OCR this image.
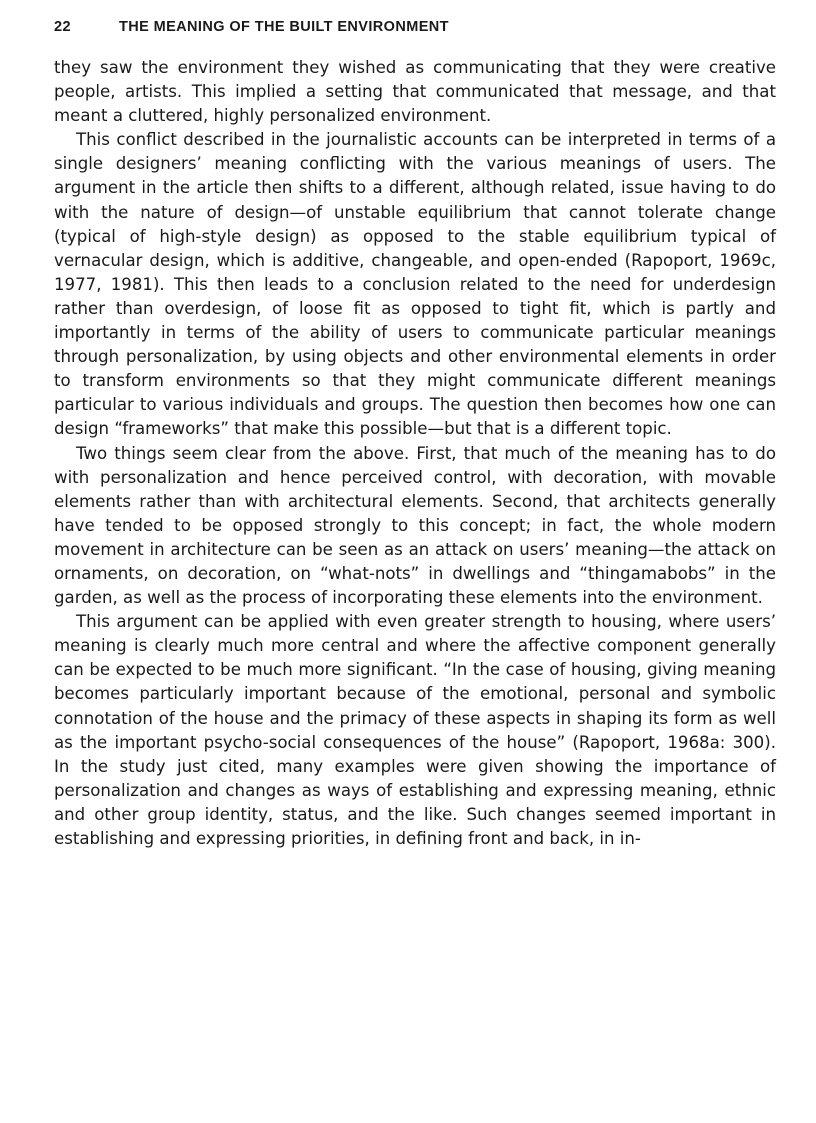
22	THE MEANING OF THE BUILT ENVIRONMENT

they saw the environment they wished as communicating that they were creative people, artists. This implied a setting that communicated that message, and that meant a cluttered, highly personalized environment.

This conflict described in the journalistic accounts can be interpreted in terms of a single designers’ meaning conflicting with the various meanings of users. The argument in the article then shifts to a different, although related, issue having to do with the nature of design—of unstable equilibrium that cannot tolerate change (typical of high-style design) as opposed to the stable equilibrium typical of vernacular design, which is additive, changeable, and open-ended (Rapoport, 1969c, 1977, 1981). This then leads to a conclusion related to the need for underdesign rather than overdesign, of loose fit as opposed to tight fit, which is partly and importantly in terms of the ability of users to communicate particular meanings through personalization, by using objects and other environmental elements in order to transform environments so that they might communicate different meanings particular to various individuals and groups. The question then becomes how one can design “frameworks” that make this possible—but that is a different topic.

Two things seem clear from the above. First, that much of the meaning has to do with personalization and hence perceived control, with decoration, with movable elements rather than with architectural elements. Second, that architects generally have tended to be opposed strongly to this concept; in fact, the whole modern movement in architecture can be seen as an attack on users’ meaning—the attack on ornaments, on decoration, on “what-nots” in dwellings and “thingamabobs” in the garden, as well as the process of incorporating these elements into the environment.

This argument can be applied with even greater strength to housing, where users’ meaning is clearly much more central and where the affective component generally can be expected to be much more significant. “In the case of housing, giving meaning becomes particularly important because of the emotional, personal and symbolic connotation of the house and the primacy of these aspects in shaping its form as well as the important psycho-social consequences of the house” (Rapoport, 1968a: 300). In the study just cited, many examples were given showing the importance of personalization and changes as ways of establishing and expressing meaning, ethnic and other group identity, status, and the like. Such changes seemed important in establishing and expressing priorities, in defining front and back, in in-
